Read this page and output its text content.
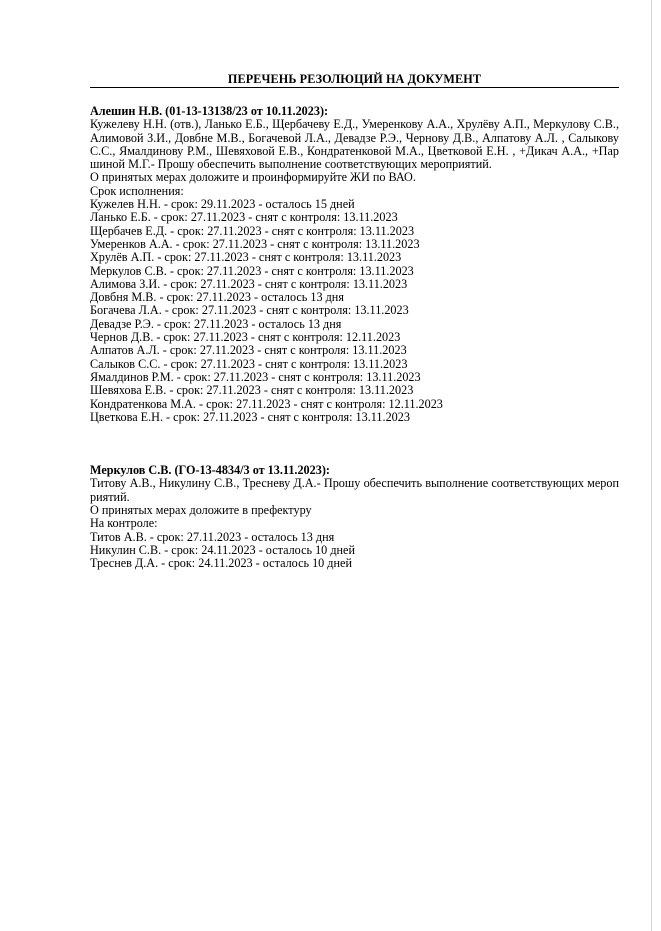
ПЕРЕЧЕНЬ РЕЗОЛЮЦИЙ НА ДОКУМЕНТ
Алешин Н.В. (01-13-13138/23 от 10.11.2023):
Кужелеву Н.Н. (отв.), Ланько Е.Б., Щербачеву Е.Д., Умеренкову А.А., Хрулёву А.П., Меркулову С.В., Алимовой З.И., Довбне М.В., Богачевой Л.А., Девадзе Р.Э., Чернову Д.В., Алпатову А.Л. , Салыкову С.С., Ямалдинову Р.М., Шевяховой Е.В., Кондратенковой М.А., Цветковой Е.Н. , +Дикач А.А., +Паршиной М.Г.- Прошу обеспечить выполнение соответствующих мероприятий.
О принятых мерах доложите и проинформируйте ЖИ по ВАО.
Срок исполнения:
Кужелев Н.Н. - срок: 29.11.2023 - осталось 15 дней
Ланько Е.Б. - срок: 27.11.2023 - снят с контроля: 13.11.2023
Щербачев Е.Д. - срок: 27.11.2023 - снят с контроля: 13.11.2023
Умеренков А.А. - срок: 27.11.2023 - снят с контроля: 13.11.2023
Хрулёв А.П. - срок: 27.11.2023 - снят с контроля: 13.11.2023
Меркулов С.В. - срок: 27.11.2023 - снят с контроля: 13.11.2023
Алимова З.И. - срок: 27.11.2023 - снят с контроля: 13.11.2023
Довбня М.В. - срок: 27.11.2023 - осталось 13 дня
Богачева Л.А. - срок: 27.11.2023 - снят с контроля: 13.11.2023
Девадзе Р.Э. - срок: 27.11.2023 - осталось 13 дня
Чернов Д.В. - срок: 27.11.2023 - снят с контроля: 12.11.2023
Алпатов А.Л. - срок: 27.11.2023 - снят с контроля: 13.11.2023
Салыков С.С. - срок: 27.11.2023 - снят с контроля: 13.11.2023
Ямалдинов Р.М. - срок: 27.11.2023 - снят с контроля: 13.11.2023
Шевяхова Е.В. - срок: 27.11.2023 - снят с контроля: 13.11.2023
Кондратенкова М.А. - срок: 27.11.2023 - снят с контроля: 12.11.2023
Цветкова Е.Н. - срок: 27.11.2023 - снят с контроля: 13.11.2023
Меркулов С.В. (ГО-13-4834/3 от 13.11.2023):
Титову А.В., Никулину С.В., Тресневу Д.А.- Прошу обеспечить выполнение соответствующих мероприятий.
О принятых мерах доложите в префектуру
На контроле:
Титов А.В. - срок: 27.11.2023 - осталось 13 дня
Никулин С.В. - срок: 24.11.2023 - осталось 10 дней
Треснев Д.А. - срок: 24.11.2023 - осталось 10 дней
